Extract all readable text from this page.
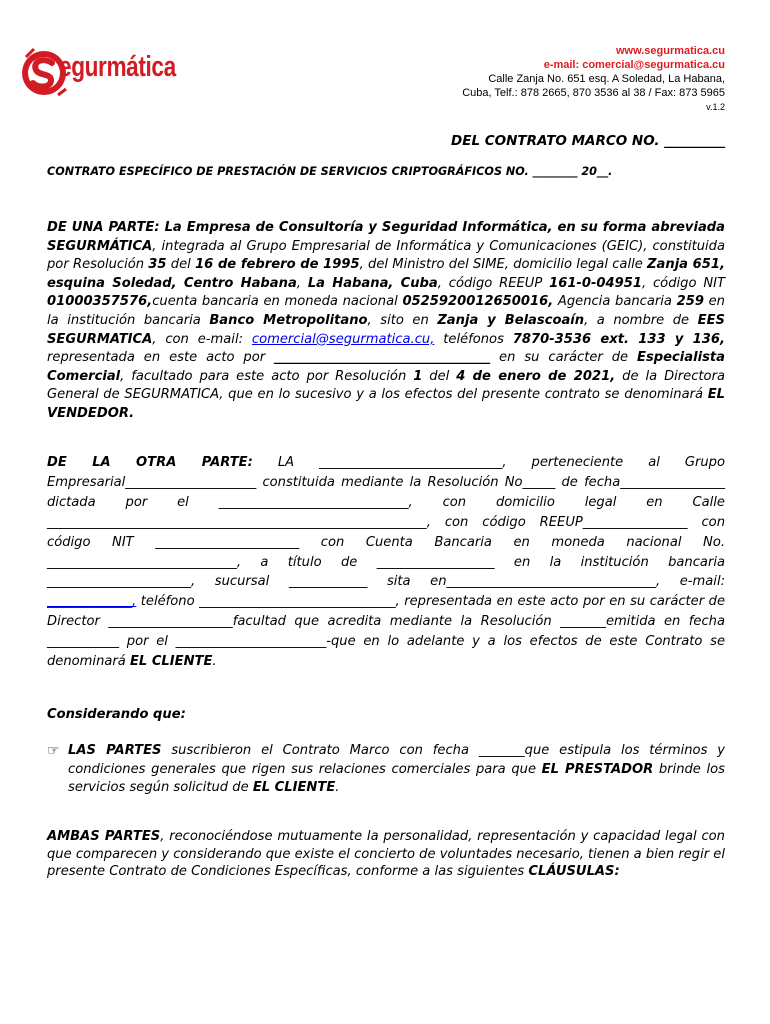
egurmática	www.segurmatica.cu
e-mail: comercial@segurmatica.cu
Calle Zanja No. 651 esq. A Soledad, La Habana,
Cuba, Telf.: 878 2665, 870 3536 al 38 / Fax: 873 5965
v.1.2
DEL CONTRATO MARCO NO. _________
CONTRATO ESPECÍFICO DE PRESTACIÓN DE SERVICIOS CRIPTOGRÁFICOS NO. ________ 20__.
DE UNA PARTE: La Empresa de Consultoría y Seguridad Informática, en su forma abreviada SEGURMÁTICA, integrada al Grupo Empresarial de Informática y Comunicaciones (GEIC), constituida por Resolución 35 del 16 de febrero de 1995, del Ministro del SIME, domicilio legal calle Zanja 651, esquina Soledad, Centro Habana, La Habana, Cuba, código REEUP 161-0-04951, código NIT 01000357576,cuenta bancaria en moneda nacional 0525920012650016, Agencia bancaria 259 en la institución bancaria Banco Metropolitano, sito en Zanja y Belascoaín, a nombre de EES SEGURMATICA, con e-mail: comercial@segurmatica.cu, teléfonos 7870-3536 ext. 133 y 136, representada en este acto por _________________________________ en su carácter de Especialista Comercial, facultado para este acto por Resolución 1 del 4 de enero de 2021, de la Directora General de SEGURMATICA, que en lo sucesivo y a los efectos del presente contrato se denominará EL VENDEDOR.
DE LA OTRA PARTE: LA ____________________________, perteneciente al Grupo Empresarial____________________ constituida mediante la Resolución No_____ de fecha________________ dictada por el _____________________________, con domicilio legal en Calle __________________________________________________________, con código REEUP________________ con código NIT ______________________ con Cuenta Bancaria en moneda nacional No. _____________________________, a título de __________________ en la institución bancaria ______________________, sucursal ____________ sita en________________________________, e-mail: _____________, teléfono ______________________________, representada en este acto por en su carácter de Director ___________________facultad que acredita mediante la Resolución _______emitida en fecha ___________ por el _______________________-que en lo adelante y a los efectos de este Contrato se denominará EL CLIENTE.
Considerando que:
☞ LAS PARTES suscribieron el Contrato Marco con fecha _______que estipula los términos y condiciones generales que rigen sus relaciones comerciales para que EL PRESTADOR brinde los servicios según solicitud de EL CLIENTE.
AMBAS PARTES, reconociéndose mutuamente la personalidad, representación y capacidad legal con que comparecen y considerando que existe el concierto de voluntades necesario, tienen a bien regir el presente Contrato de Condiciones Específicas, conforme a las siguientes CLÁUSULAS:
